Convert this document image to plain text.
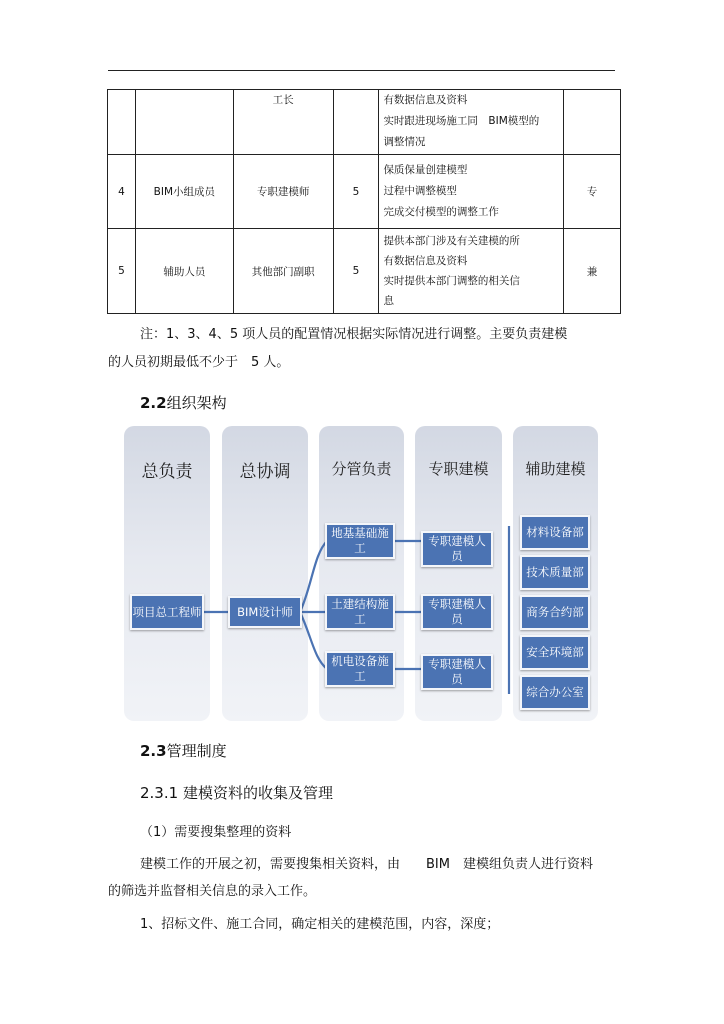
		工长		有数据信息及资料
实时跟进现场施工同　BIM模型的
调整情况	

4	BIM小组成员	专职建模师	5	保质保量创建模型
过程中调整模型
完成交付模型的调整工作	专
5	辅助人员	其他部门副职	5	提供本部门涉及有关建模的所
有数据信息及资料
实时提供本部门调整的相关信
息	兼
注：1、3、4、5 项人员的配置情况根据实际情况进行调整。主要负责建模
的人员初期最低不少于　5 人。
2.2组织架构
总负责	总协调	分管负责	专职建模	辅助建模
项目总工程师	BIM设计师
地基基础施工
土建结构施工
机电设备施工
专职建模人员
专职建模人员
专职建模人员
材料设备部
技术质量部
商务合约部
安全环境部
综合办公室
2.3管理制度
2.3.1 建模资料的收集及管理
（1）需要搜集整理的资料
建模工作的开展之初，需要搜集相关资料，由　　BIM　建模组负责人进行资料
的筛选并监督相关信息的录入工作。
1、招标文件、施工合同，确定相关的建模范围，内容，深度；
